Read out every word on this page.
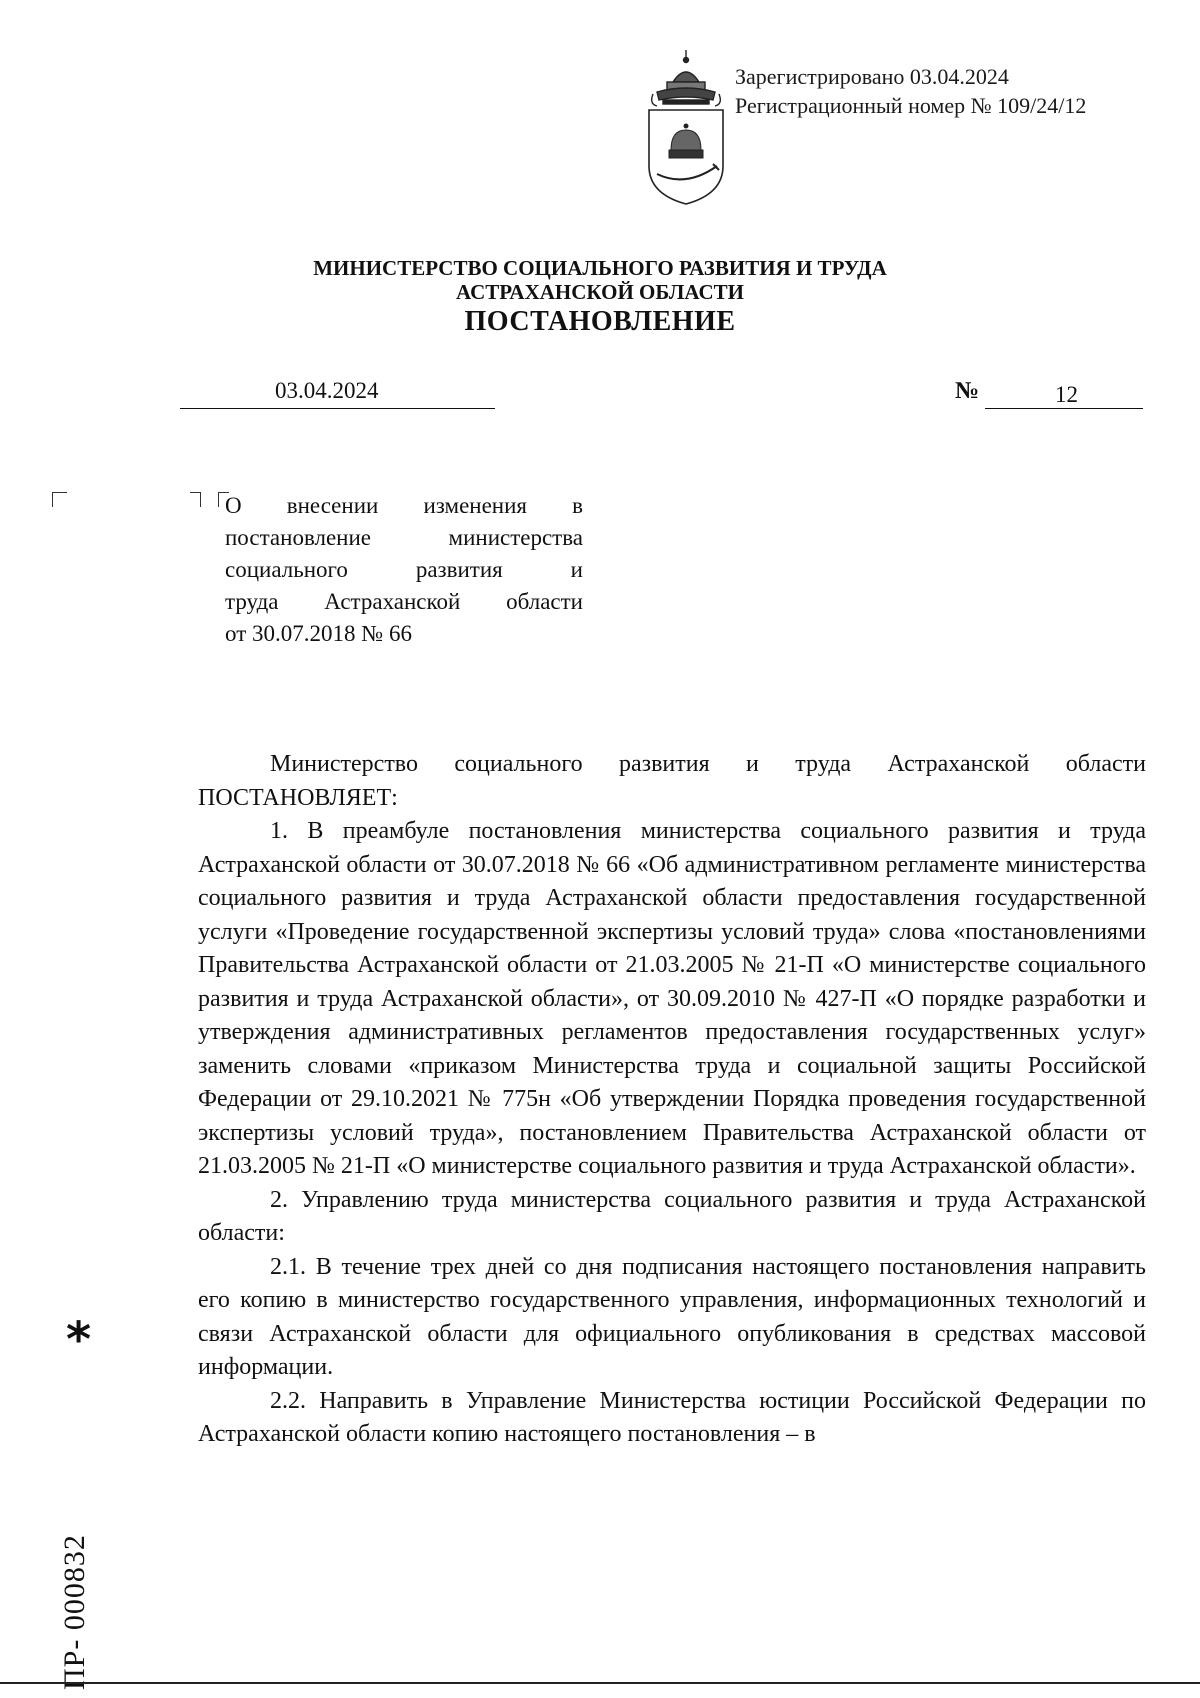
Зарегистрировано 03.04.2024
Регистрационный номер № 109/24/12
МИНИСТЕРСТВО СОЦИАЛЬНОГО РАЗВИТИЯ И ТРУДА
АСТРАХАНСКОЙ ОБЛАСТИ
ПОСТАНОВЛЕНИЕ
03.04.2024	№	12
О внесении изменения в
постановление министерства
социального развития и
труда Астраханской области
от 30.07.2018 № 66

Министерство социального развития и труда Астраханской области ПОСТАНОВЛЯЕТ:

1. В преамбуле постановления министерства социального развития и труда Астраханской области от 30.07.2018 № 66 «Об административном регламенте министерства социального развития и труда Астраханской области предоставления государственной услуги «Проведение государственной экспертизы условий труда» слова «постановлениями Правительства Астраханской области от 21.03.2005 № 21-П «О министерстве социального развития и труда Астраханской области», от 30.09.2010 № 427-П «О порядке разработки и утверждения административных регламентов предоставления государственных услуг» заменить словами «приказом Министерства труда и социальной защиты Российской Федерации от 29.10.2021 № 775н «Об утверждении Порядка проведения государственной экспертизы условий труда», постановлением Правительства Астраханской области от 21.03.2005 № 21-П «О министерстве социального развития и труда Астраханской области».

2. Управлению труда министерства социального развития и труда Астраханской области:

2.1. В течение трех дней со дня подписания настоящего постановления направить его копию в министерство государственного управления, информационных технологий и связи Астраханской области для официального опубликования в средствах массовой информации.

2.2. Направить в Управление Министерства юстиции Российской Федерации по Астраханской области копию настоящего постановления – в

*
ПР- 000832
